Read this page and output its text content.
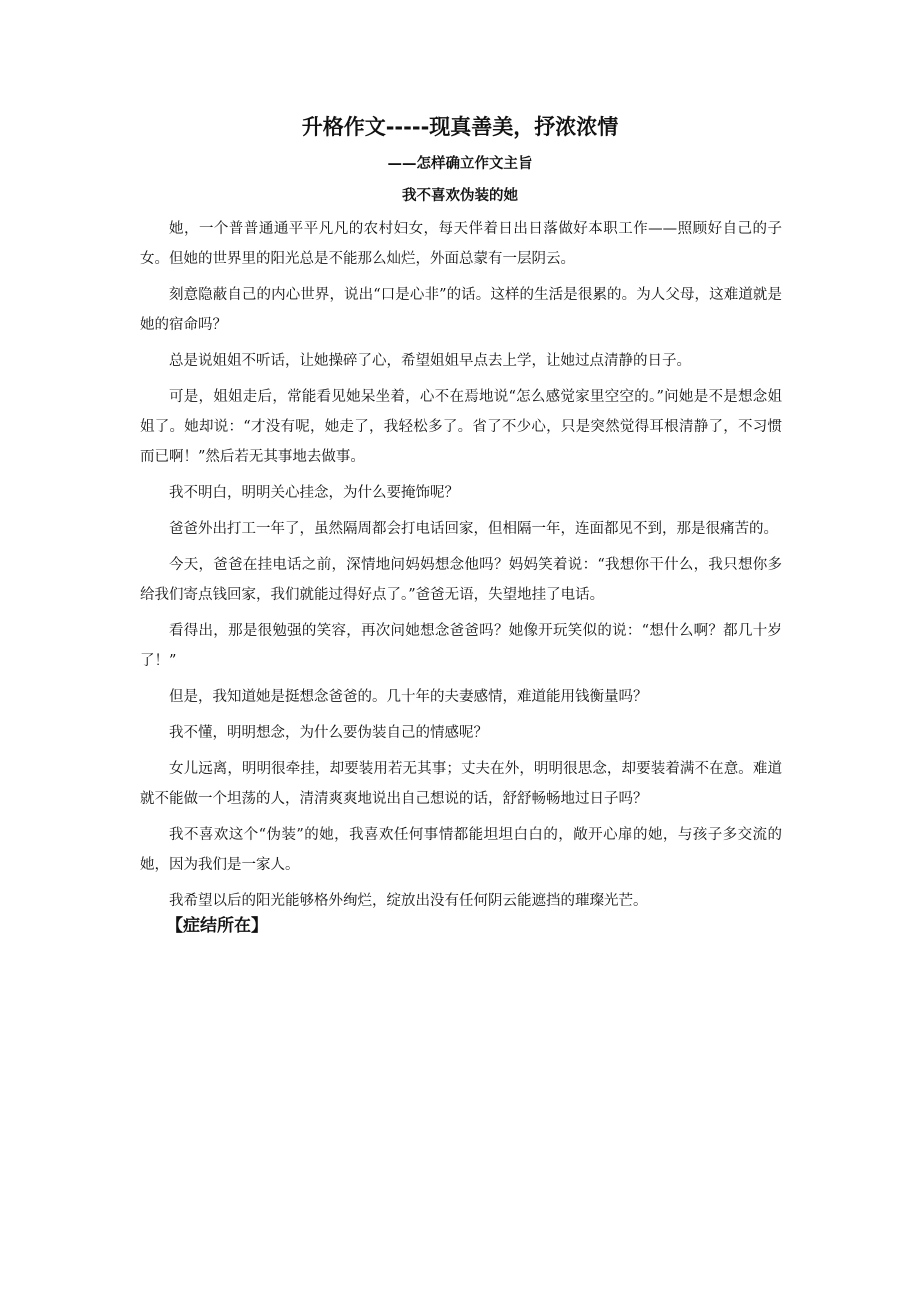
升格作文-----现真善美，抒浓浓情
——怎样确立作文主旨
我不喜欢伪装的她

她，一个普普通通平平凡凡的农村妇女，每天伴着日出日落做好本职工作——照顾好自己的子女。但她的世界里的阳光总是不能那么灿烂，外面总蒙有一层阴云。

刻意隐蔽自己的内心世界，说出“口是心非”的话。这样的生活是很累的。为人父母，这难道就是她的宿命吗？

总是说姐姐不听话，让她操碎了心，希望姐姐早点去上学，让她过点清静的日子。

可是，姐姐走后，常能看见她呆坐着，心不在焉地说“怎么感觉家里空空的。”问她是不是想念姐姐了。她却说：“才没有呢，她走了，我轻松多了。省了不少心，只是突然觉得耳根清静了，不习惯而已啊！”然后若无其事地去做事。

我不明白，明明关心挂念，为什么要掩饰呢？

爸爸外出打工一年了，虽然隔周都会打电话回家，但相隔一年，连面都见不到，那是很痛苦的。

今天，爸爸在挂电话之前，深情地问妈妈想念他吗？妈妈笑着说：“我想你干什么，我只想你多给我们寄点钱回家，我们就能过得好点了。”爸爸无语，失望地挂了电话。

看得出，那是很勉强的笑容，再次问她想念爸爸吗？她像开玩笑似的说：“想什么啊？都几十岁了！”

但是，我知道她是挺想念爸爸的。几十年的夫妻感情，难道能用钱衡量吗？

我不懂，明明想念，为什么要伪装自己的情感呢？

女儿远离，明明很牵挂，却要装用若无其事；丈夫在外，明明很思念，却要装着满不在意。难道就不能做一个坦荡的人，清清爽爽地说出自己想说的话，舒舒畅畅地过日子吗？

我不喜欢这个“伪装”的她，我喜欢任何事情都能坦坦白白的，敞开心扉的她，与孩子多交流的她，因为我们是一家人。

我希望以后的阳光能够格外绚烂，绽放出没有任何阴云能遮挡的璀璨光芒。

【症结所在】
